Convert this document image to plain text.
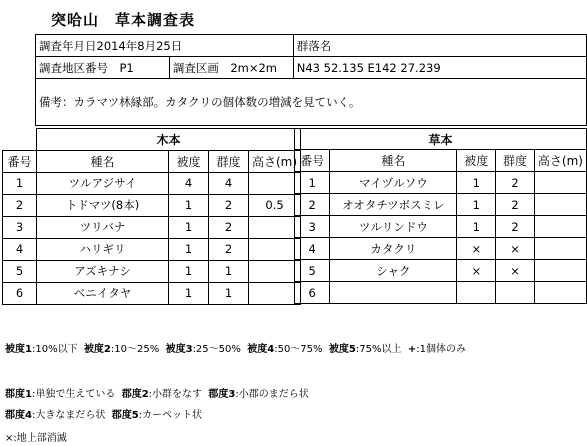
突哈山　草本調査表
調査年月日2014年8月25日		群落名
調査地区番号　P1	調査区画　2m×2m	N43 52.135 E142 27.239
備考：カラマツ林縁部。カタクリの個体数の増減を見ていく。		
	木本			
番号	種名	被度	群度	高さ(m)
1	ツルアジサイ	4	4	
2	トドマツ(8本)	1	2	0.5
3	ツリバナ	1	2	
4	ハリギリ	1	2	
5	アズキナシ	1	1	
6	ベニイタヤ	1	1	
草本				
番号	種名	被度	群度	高さ(m)
1	マイヅルソウ	1	2	
2	オオタチツボスミレ	1	2	
3	ツルリンドウ	1	2	
4	カタクリ	×	×	
5	シャク	×	×	
6				
被度1:10%以下 被度2:10～25% 被度3:25～50% 被度4:50～75% 被度5:75%以上 +:1個体のみ
郡度1:単独で生えている 郡度2:小群をなす 郡度3:小郡のまだら状
郡度4:大きなまだら状 郡度5:カーペット状
×:地上部消滅
